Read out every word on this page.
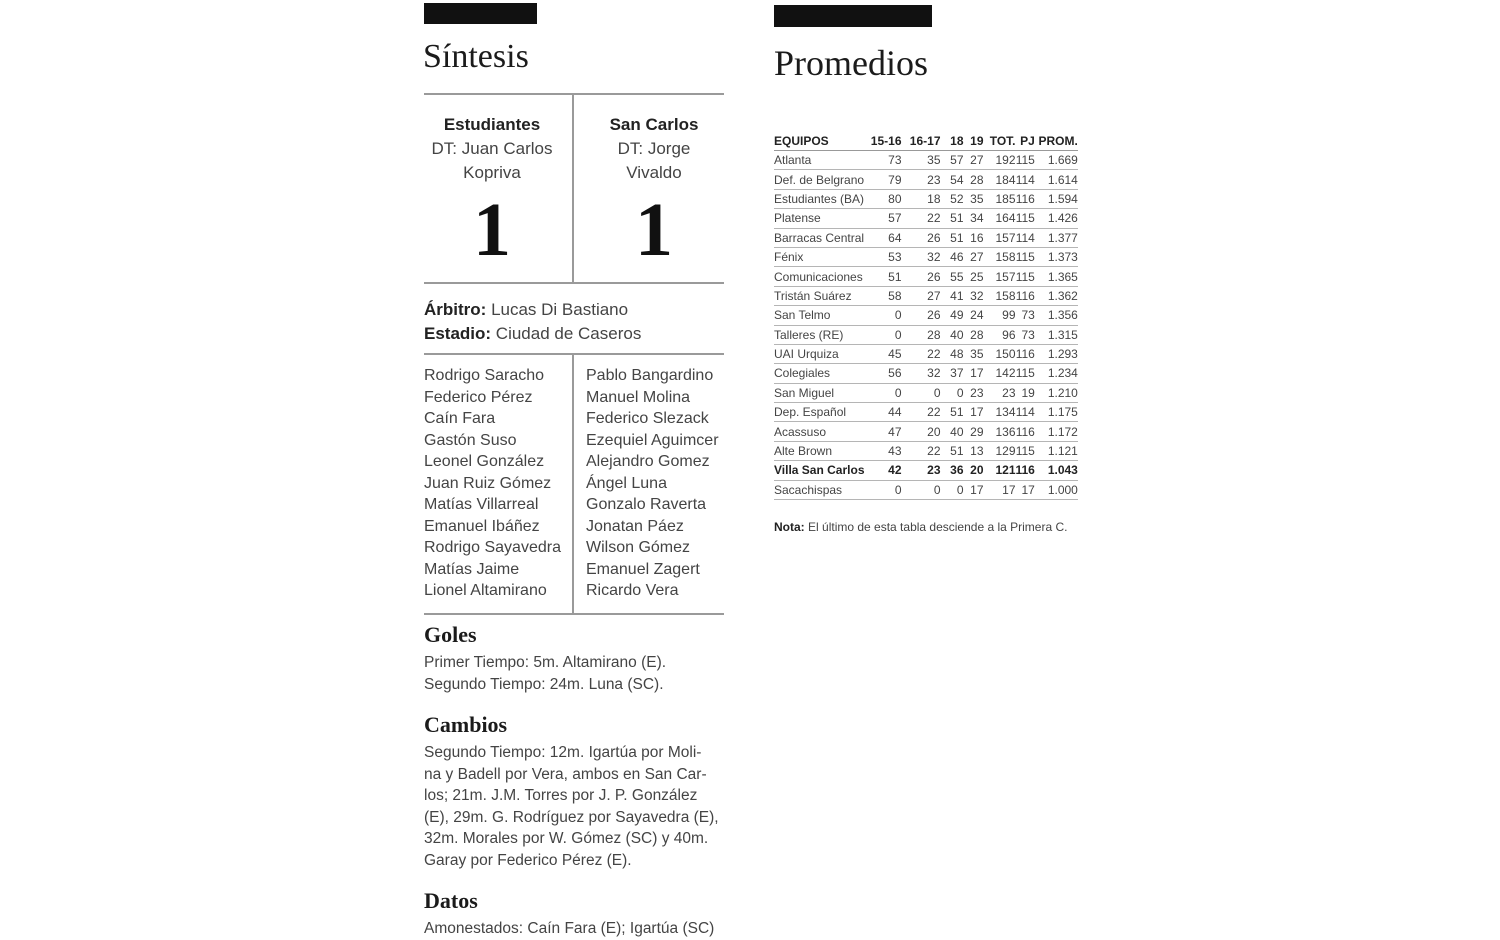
Síntesis
Estudiantes
DT: Juan Carlos
Kopriva
1
San Carlos
DT: Jorge
Vivaldo
1
Árbitro: Lucas Di Bastiano
Estadio: Ciudad de Caseros
Rodrigo Saracho
Federico Pérez
Caín Fara
Gastón Suso
Leonel González
Juan Ruiz Gómez
Matías Villarreal
Emanuel Ibáñez
Rodrigo Sayavedra
Matías Jaime
Lionel Altamirano
Pablo Bangardino
Manuel Molina
Federico Slezack
Ezequiel Aguimcer
Alejandro Gomez
Ángel Luna
Gonzalo Raverta
Jonatan Páez
Wilson Gómez
Emanuel Zagert
Ricardo Vera
Goles
Primer Tiempo: 5m. Altamirano (E).
Segundo Tiempo: 24m. Luna (SC).
Cambios
Segundo Tiempo: 12m. Igartúa por Moli-
na y Badell por Vera, ambos en San Car-
los; 21m. J.M. Torres por J. P. González
(E), 29m. G. Rodríguez por Sayavedra (E),
32m. Morales por W. Gómez (SC) y 40m.
Garay por Federico Pérez (E).
Datos
Amonestados: Caín Fara (E); Igartúa (SC)
Promedios
EQUIPOS	15-16	16-17	18	19	TOT.	PJ	PROM.
Atlanta	73	35	57	27	192	115	1.669
Def. de Belgrano	79	23	54	28	184	114	1.614
Estudiantes (BA)	80	18	52	35	185	116	1.594
Platense	57	22	51	34	164	115	1.426
Barracas Central	64	26	51	16	157	114	1.377
Fénix	53	32	46	27	158	115	1.373
Comunicaciones	51	26	55	25	157	115	1.365
Tristán Suárez	58	27	41	32	158	116	1.362
San Telmo	0	26	49	24	99	73	1.356
Talleres (RE)	0	28	40	28	96	73	1.315
UAI Urquiza	45	22	48	35	150	116	1.293
Colegiales	56	32	37	17	142	115	1.234
San Miguel	0	0	0	23	23	19	1.210
Dep. Español	44	22	51	17	134	114	1.175
Acassuso	47	20	40	29	136	116	1.172
Alte Brown	43	22	51	13	129	115	1.121
Villa San Carlos	42	23	36	20	121	116	1.043
Sacachispas	0	0	0	17	17	17	1.000
Nota: El último de esta tabla desciende a la Primera C.
